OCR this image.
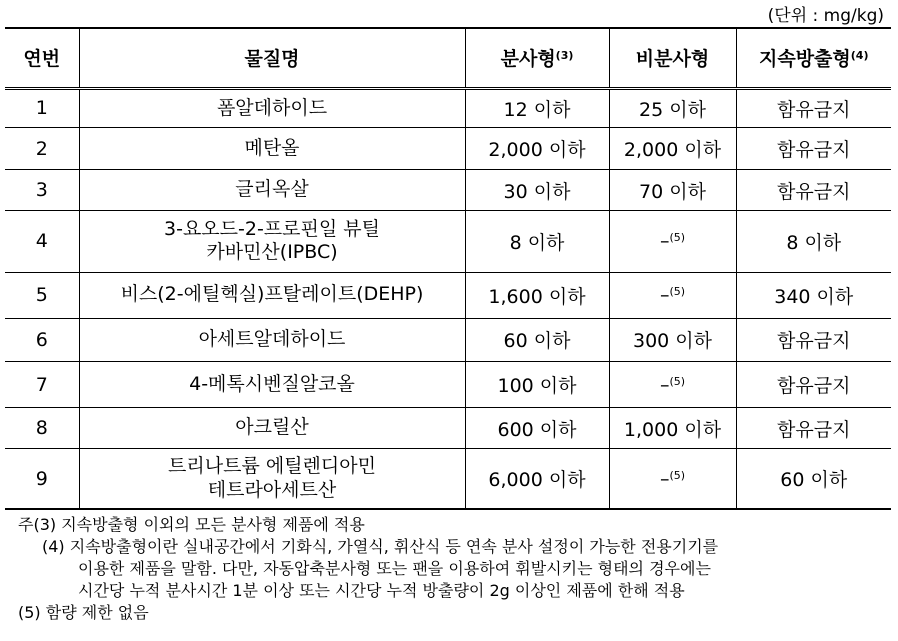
(단위 : mg/kg)
연번	물질명	분사형$^{(3)}$	비분사형	지속방출형$^{(4)}$
1	폼알데하이드	12 이하	25 이하	함유금지
2	메탄올	2,000 이하	2,000 이하	함유금지
3	글리옥살	30 이하	70 이하	함유금지
4	3-요오드-2-프로핀일 뷰틸
카바민산(IPBC)	8 이하	–$^{(5)}$	8 이하
5	비스(2-에틸헥실)프탈레이트(DEHP)	1,600 이하	–$^{(5)}$	340 이하
6	아세트알데하이드	60 이하	300 이하	함유금지
7	4-메톡시벤질알코올	100 이하	–$^{(5)}$	함유금지
8	아크릴산	600 이하	1,000 이하	함유금지
9	트리나트륨 에틸렌디아민
테트라아세트산	6,000 이하	–$^{(5)}$	60 이하
주(3) 지속방출형 이외의 모든 분사형 제품에 적용
(4) 지속방출형이란 실내공간에서 기화식, 가열식, 휘산식 등 연속 분사 설정이 가능한 전용기기를
이용한 제품을 말함. 다만, 자동압축분사형 또는 팬을 이용하여 휘발시키는 형태의 경우에는
시간당 누적 분사시간 1분 이상 또는 시간당 누적 방출량이 2g 이상인 제품에 한해 적용
(5) 함량 제한 없음
